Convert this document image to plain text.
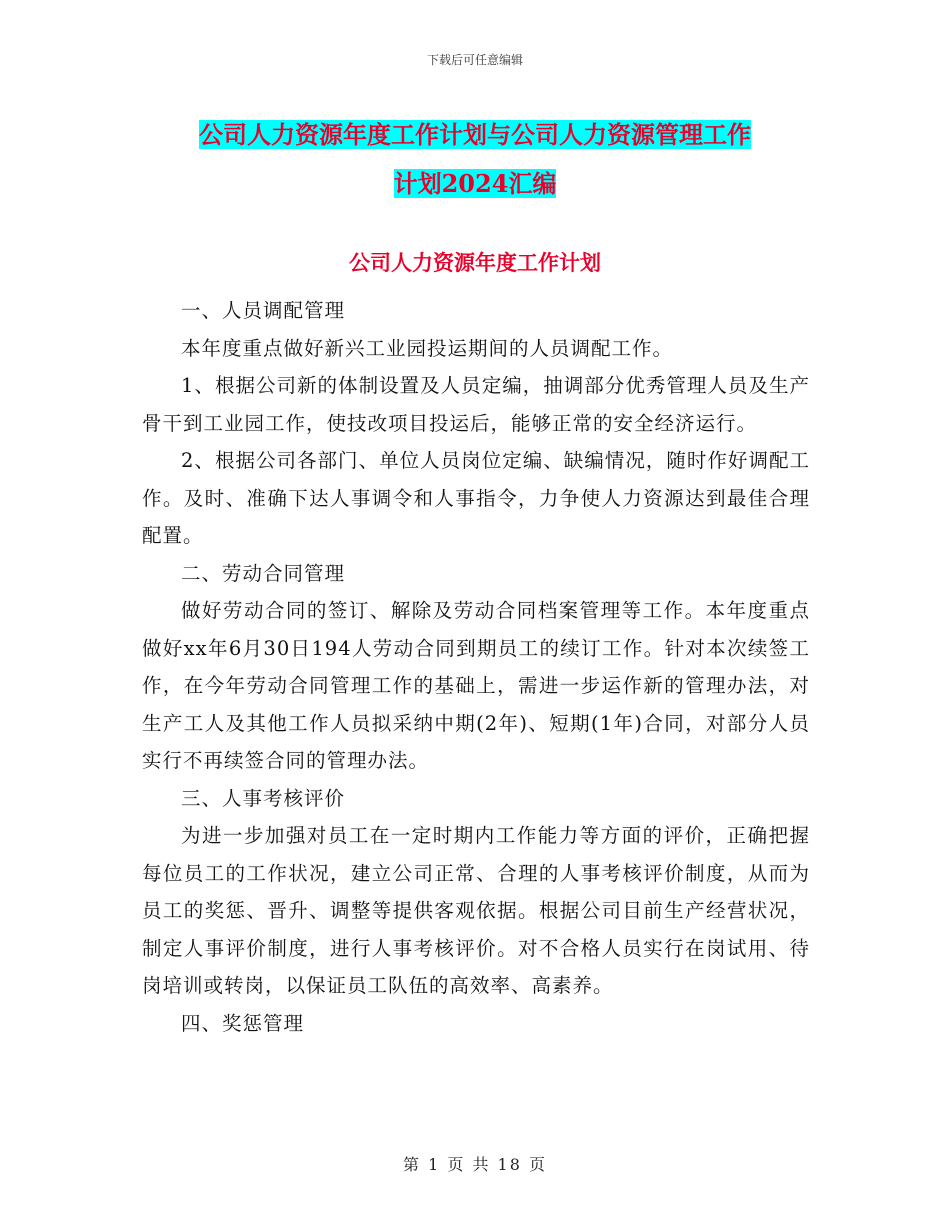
下载后可任意编辑
公司人力资源年度工作计划与公司人力资源管理工作
计划2024汇编
公司人力资源年度工作计划

一、人员调配管理

本年度重点做好新兴工业园投运期间的人员调配工作。

1、根据公司新的体制设置及人员定编，抽调部分优秀管理人员及生产骨干到工业园工作，使技改项目投运后，能够正常的安全经济运行。

2、根据公司各部门、单位人员岗位定编、缺编情况，随时作好调配工作。及时、准确下达人事调令和人事指令，力争使人力资源达到最佳合理配置。

二、劳动合同管理

做好劳动合同的签订、解除及劳动合同档案管理等工作。本年度重点做好xx年6月30日194人劳动合同到期员工的续订工作。针对本次续签工作，在今年劳动合同管理工作的基础上，需进一步运作新的管理办法，对生产工人及其他工作人员拟采纳中期(2年)、短期(1年)合同，对部分人员实行不再续签合同的管理办法。

三、人事考核评价

为进一步加强对员工在一定时期内工作能力等方面的评价，正确把握每位员工的工作状况，建立公司正常、合理的人事考核评价制度，从而为员工的奖惩、晋升、调整等提供客观依据。根据公司目前生产经营状况，制定人事评价制度，进行人事考核评价。对不合格人员实行在岗试用、待岗培训或转岗，以保证员工队伍的高效率、高素养。

四、奖惩管理

第 1 页 共 18 页
